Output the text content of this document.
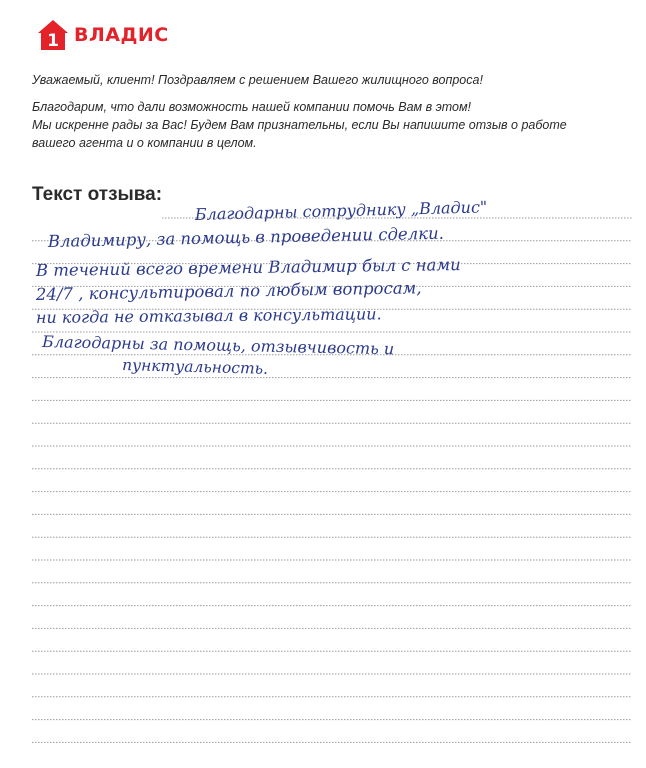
1 ВЛАДИС

Уважаемый, клиент! Поздравляем с решением Вашего жилищного вопроса!

Благодарим, что дали возможность нашей компании помочь Вам в этом!
Мы искренне рады за Вас! Будем Вам признательны, если Вы напишите отзыв о работе
вашего агента и о компании в целом.
Текст отзыва:
Благодарны сотруднику „Владис"
Владимиру, за помощь в проведении сделки.
В течений всего времени Владимир был с нами
24/7 , консультировал по любым вопросам,
ни когда не отказывал в консультации.
Благодарны за помощь, отзывчивость и
пунктуальность.
